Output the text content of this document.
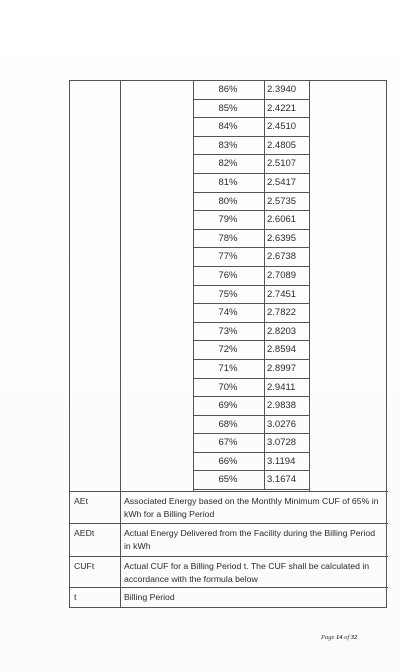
86%	2.3940
85%	2.4221
84%	2.4510
83%	2.4805
82%	2.5107
81%	2.5417
80%	2.5735
79%	2.6061
78%	2.6395
77%	2.6738
76%	2.7089
75%	2.7451
74%	2.7822
73%	2.8203
72%	2.8594
71%	2.8997
70%	2.9411
69%	2.9838
68%	3.0276
67%	3.0728
66%	3.1194
65%	3.1674
AEt	Associated Energy based on the Monthly Minimum CUF of 65% in kWh for a Billing Period
AEDt	Actual Energy Delivered from the Facility during the Billing Period in kWh
CUFt	Actual CUF for a Billing Period t. The CUF shall be calculated in accordance with the formula below
t	Billing Period
Page 14 of 32
